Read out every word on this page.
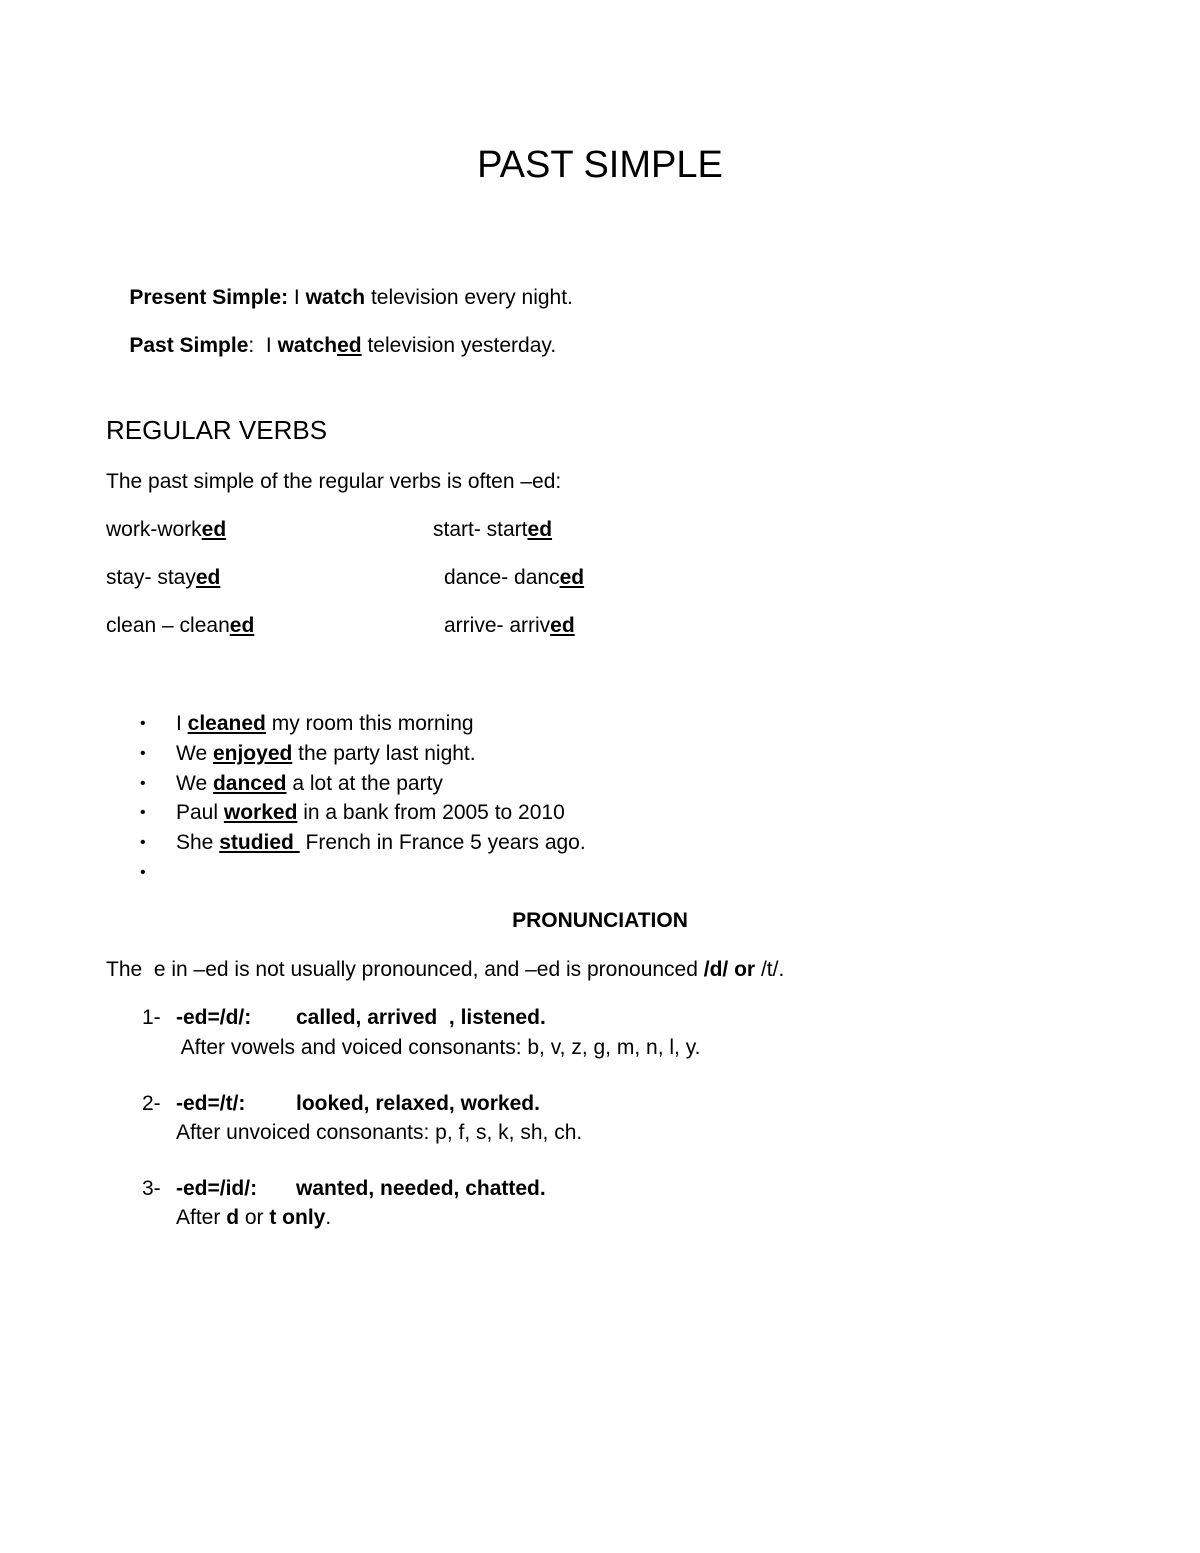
PAST SIMPLE

Present Simple: I watch television every night.

Past Simple:  I watched television yesterday.

REGULAR VERBS
The past simple of the regular verbs is often –ed:
work-worked	start- started
stay- stayed	dance- danced
clean – cleaned	arrive- arrived
• I cleaned my room this morning
• We enjoyed the party last night.
• We danced a lot at the party
• Paul worked in a bank from 2005 to 2010
• She studied  French in France 5 years ago.
•
PRONUNCIATION
The  e in –ed is not usually pronounced, and –ed is pronounced /d/ or /t/.
1- -ed=/d/: called, arrived  , listened.
After vowels and voiced consonants: b, v, z, g, m, n, l, y.
2- -ed=/t/: looked, relaxed, worked.
After unvoiced consonants: p, f, s, k, sh, ch.
3- -ed=/id/: wanted, needed, chatted.
After d or t only.
